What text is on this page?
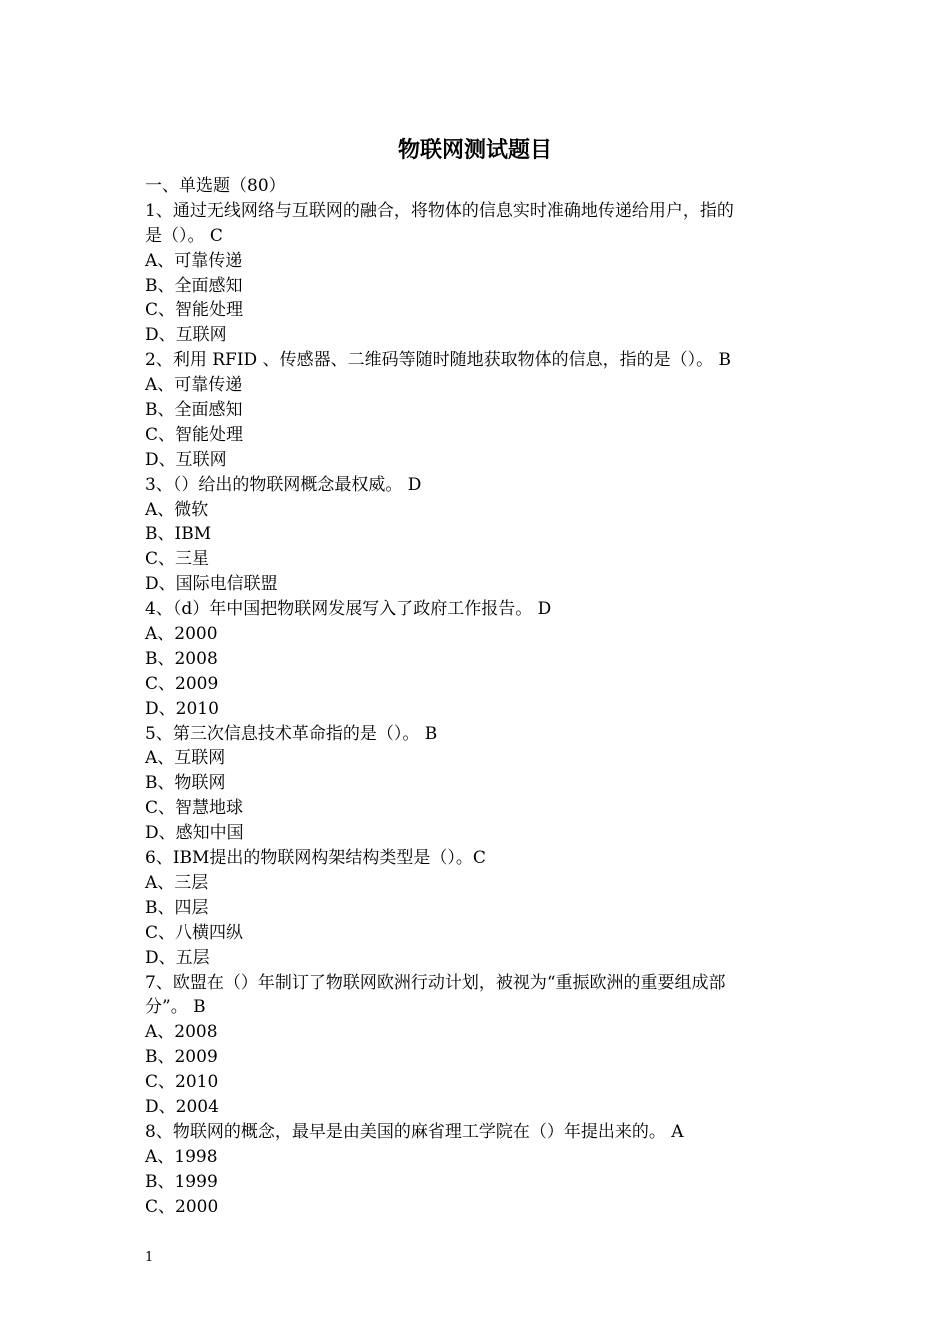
物联网测试题目
一、单选题（80）
1、通过无线网络与互联网的融合，将物体的信息实时准确地传递给用户，指的
是（）。 C
A、可靠传递
B、全面感知
C、智能处理
D、互联网
2、利用 RFID 、传感器、二维码等随时随地获取物体的信息，指的是（）。 B
A、可靠传递
B、全面感知
C、智能处理
D、互联网
3、（）给出的物联网概念最权威。 D
A、微软
B、IBM
C、三星
D、国际电信联盟
4、（d）年中国把物联网发展写入了政府工作报告。 D
A、2000
B、2008
C、2009
D、2010
5、第三次信息技术革命指的是（）。 B
A、互联网
B、物联网
C、智慧地球
D、感知中国
6、IBM提出的物联网构架结构类型是（）。C
A、三层
B、四层
C、八横四纵
D、五层
7、欧盟在（）年制订了物联网欧洲行动计划，被视为“重振欧洲的重要组成部
分”。 B
A、2008
B、2009
C、2010
D、2004
8、物联网的概念，最早是由美国的麻省理工学院在（）年提出来的。 A
A、1998
B、1999
C、2000
1
